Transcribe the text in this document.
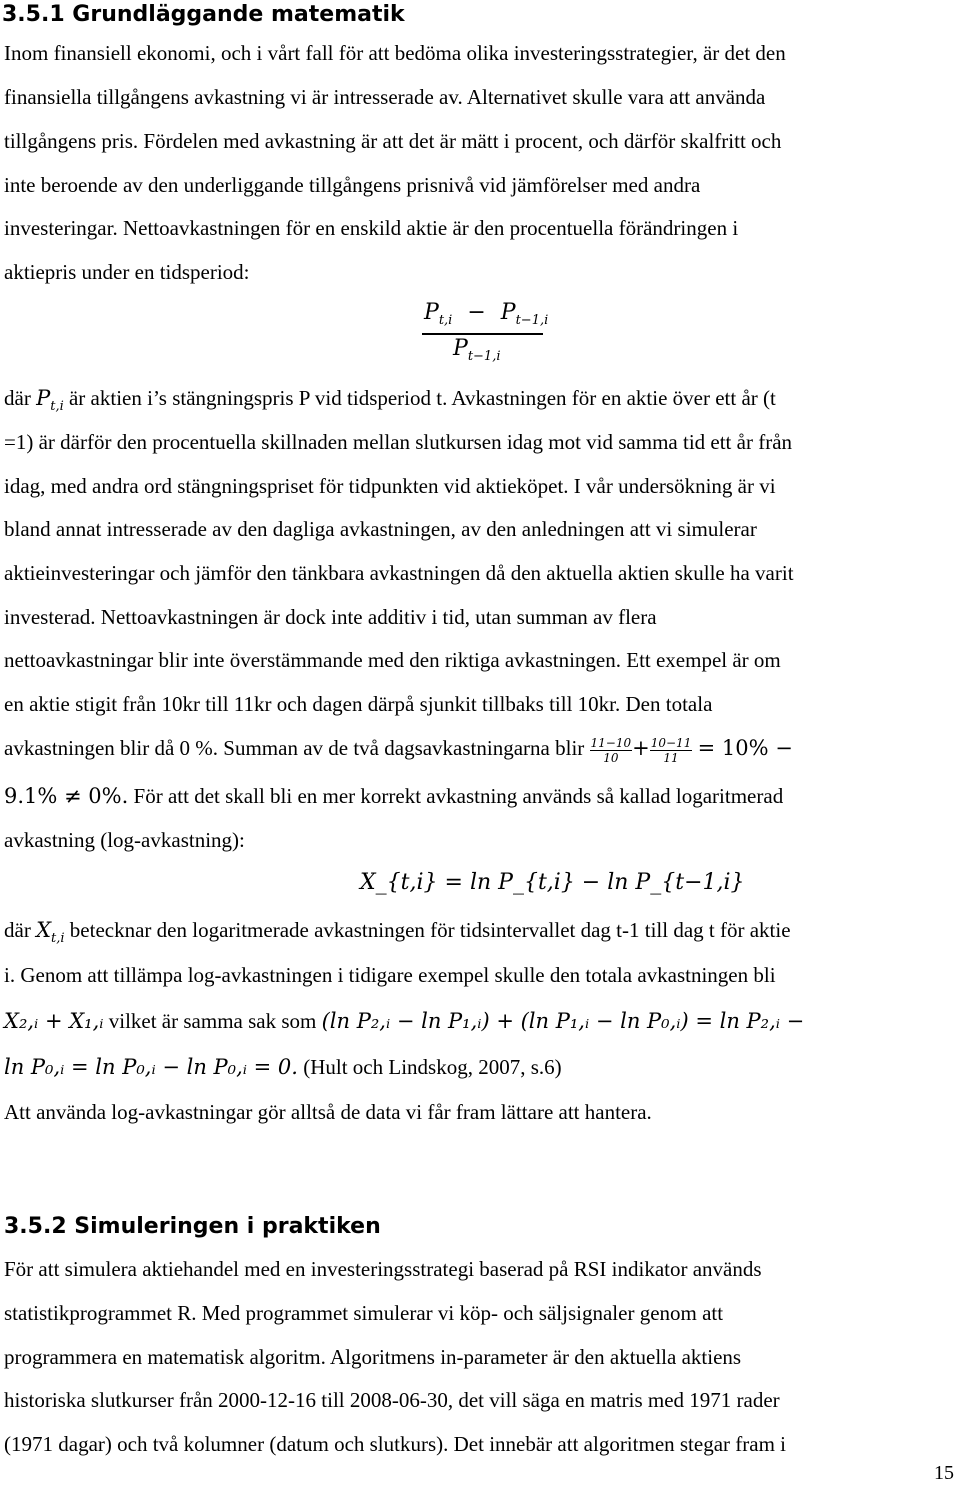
3.5.1 Grundläggande matematik
Inom finansiell ekonomi, och i vårt fall för att bedöma olika investeringsstrategier, är det den
finansiella tillgångens avkastning vi är intresserade av. Alternativet skulle vara att använda
tillgångens pris. Fördelen med avkastning är att det är mätt i procent, och därför skalfritt och
inte beroende av den underliggande tillgångens prisnivå vid jämförelser med andra
investeringar. Nettoavkastningen för en enskild aktie är den procentuella förändringen i
aktiepris under en tidsperiod:
$P_{t,i} - P_{t-1,i}$
$P_{t-1,i}$
där $P_{t,i}$ är aktien i’s stängningspris P vid tidsperiod t. Avkastningen för en aktie över ett år (t
=1) är därför den procentuella skillnaden mellan slutkursen idag mot vid samma tid ett år från
idag, med andra ord stängningspriset för tidpunkten vid aktieköpet. I vår undersökning är vi
bland annat intresserade av den dagliga avkastningen, av den anledningen att vi simulerar
aktieinvesteringar och jämför den tänkbara avkastningen då den aktuella aktien skulle ha varit
investerad. Nettoavkastningen är dock inte additiv i tid, utan summan av flera
nettoavkastningar blir inte överstämmande med den riktiga avkastningen. Ett exempel är om
en aktie stigit från 10kr till 11kr och dagen därpå sjunkit tillbaks till 10kr. Den totala
avkastningen blir då 0 %. Summan av de två dagsavkastningarna blir $\frac{11-10}{10} + \frac{10-11}{11} = 10\%$ −
9.1% ≠ 0%. För att det skall bli en mer korrekt avkastning används så kallad logaritmerad
avkastning (log-avkastning):
X_{t,i} = ln P_{t,i} − ln P_{t−1,i}
där $X_{t,i}$ betecknar den logaritmerade avkastningen för tidsintervallet dag t-1 till dag t för aktie
i. Genom att tillämpa log-avkastningen i tidigare exempel skulle den totala avkastningen bli
X₂,ᵢ + X₁,ᵢ vilket är samma sak som (ln P₂,ᵢ − ln P₁,ᵢ) + (ln P₁,ᵢ − ln P₀,ᵢ) = ln P₂,ᵢ −
ln P₀,ᵢ = ln P₀,ᵢ − ln P₀,ᵢ = 0. (Hult och Lindskog, 2007, s.6)
Att använda log-avkastningar gör alltså de data vi får fram lättare att hantera.
3.5.2 Simuleringen i praktiken
För att simulera aktiehandel med en investeringsstrategi baserad på RSI indikator används
statistikprogrammet R. Med programmet simulerar vi köp- och säljsignaler genom att
programmera en matematisk algoritm. Algoritmens in-parameter är den aktuella aktiens
historiska slutkurser från 2000-12-16 till 2008-06-30, det vill säga en matris med 1971 rader
(1971 dagar) och två kolumner (datum och slutkurs). Det innebär att algoritmen stegar fram i
15
